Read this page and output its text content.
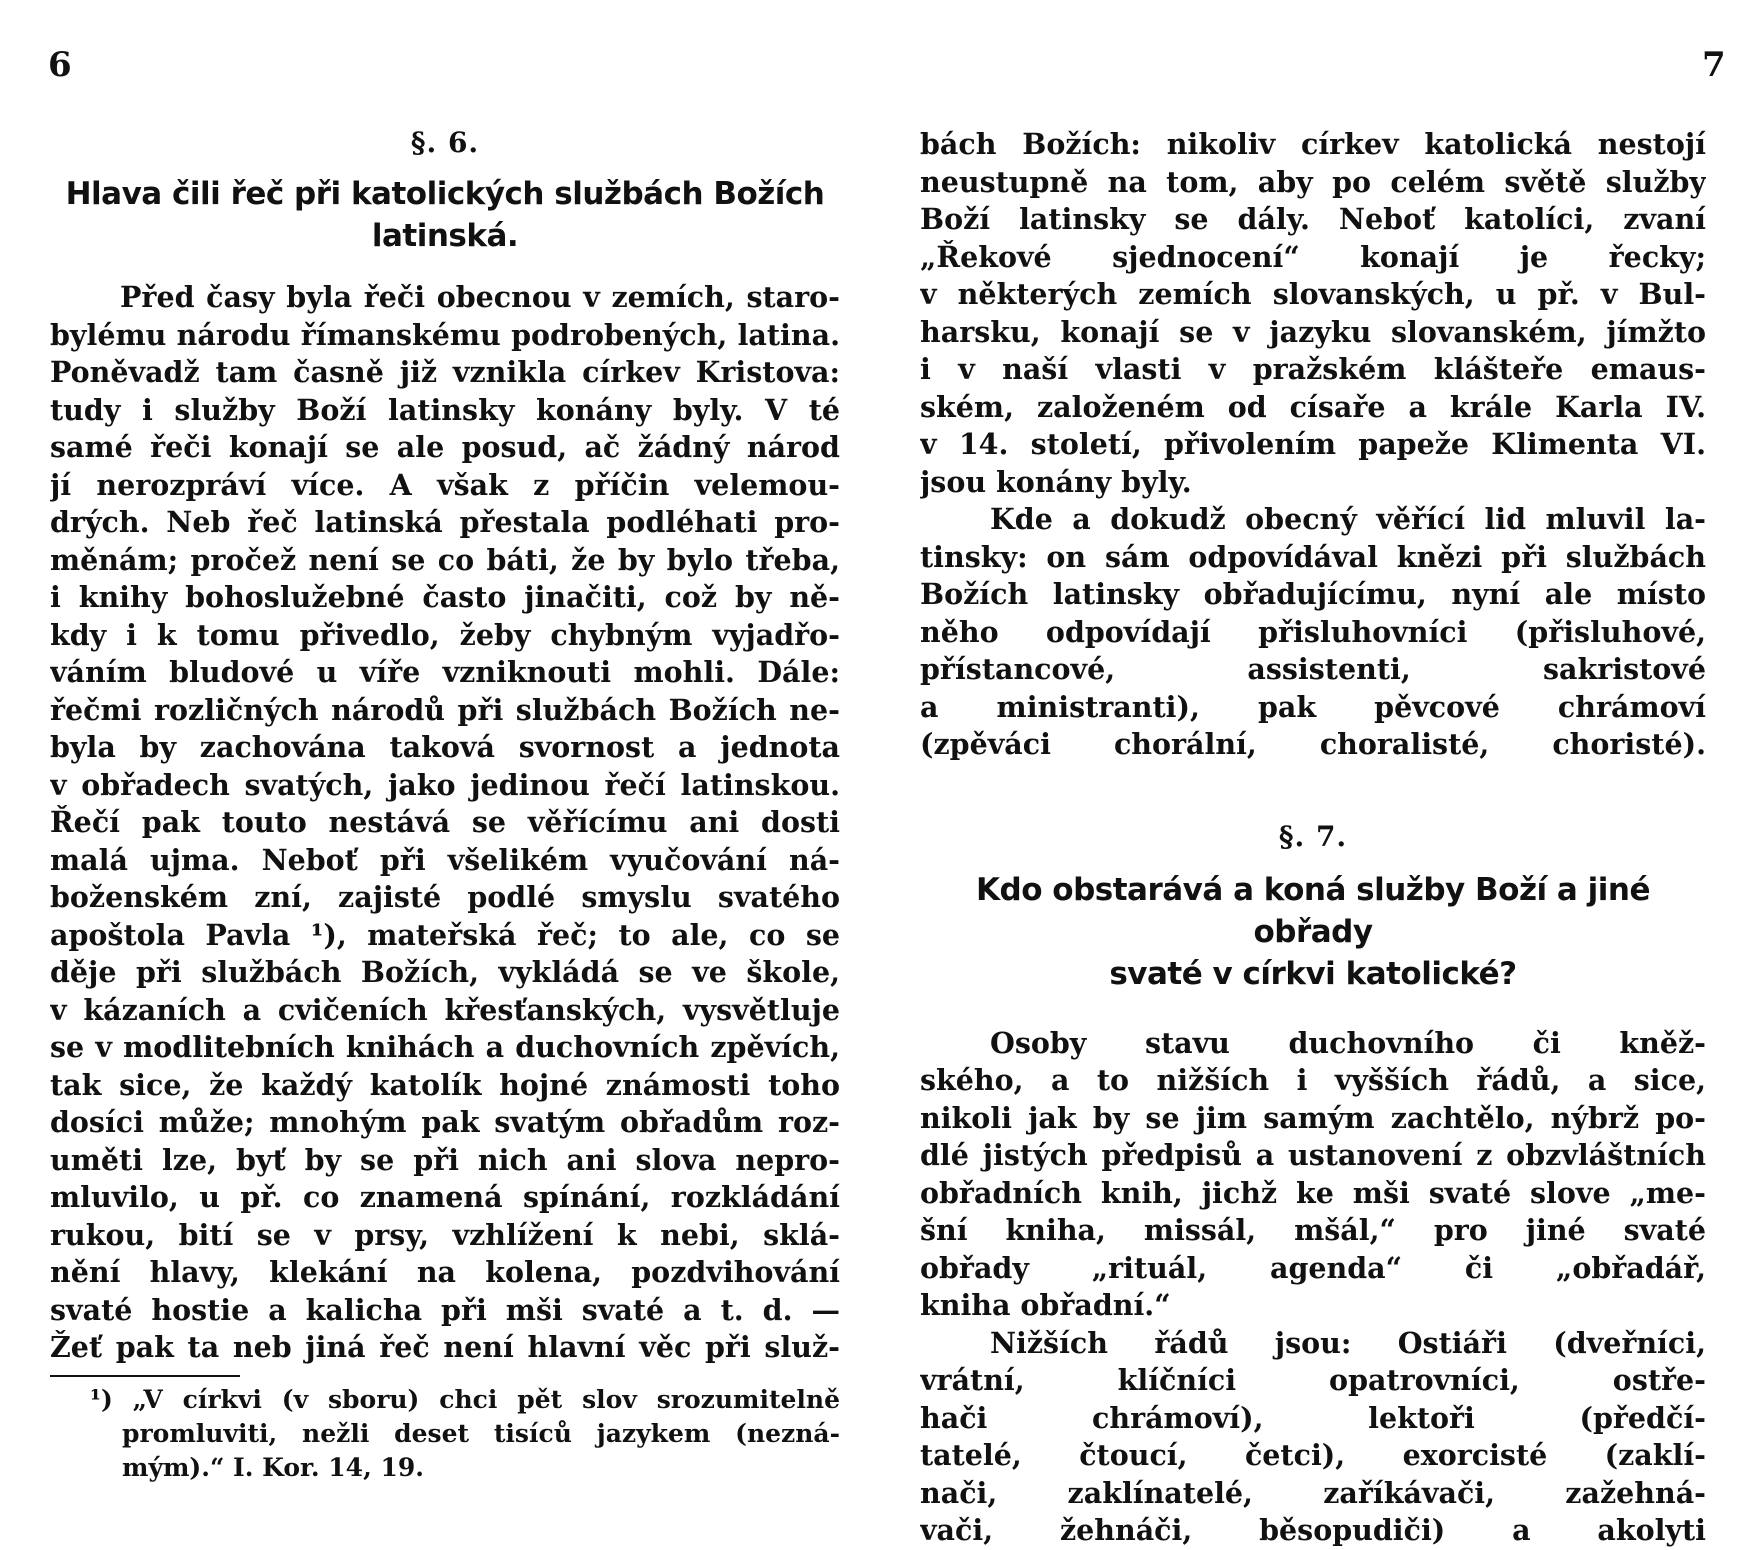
6	7
§. 6.
Hlava čili řeč při katolických službách Božích
latinská.
Před časy byla řeči obecnou v zemích, staro-
bylému národu římanskému podrobených, latina.
Poněvadž tam časně již vznikla církev Kristova:
tudy i služby Boží latinsky konány byly. V té
samé řeči konají se ale posud, ač žádný národ
jí nerozpráví více. A však z příčin velemou-
drých. Neb řeč latinská přestala podléhati pro-
měnám; pročež není se co báti, že by bylo třeba,
i knihy bohoslužebné často jinačiti, což by ně-
kdy i k tomu přivedlo, žeby chybným vyjadřo-
váním bludové u víře vzniknouti mohli. Dále:
řečmi rozličných národů při službách Božích ne-
byla by zachována taková svornost a jednota
v obřadech svatých, jako jedinou řečí latinskou.
Řečí pak touto nestává se věřícímu ani dosti
malá ujma. Neboť při všelikém vyučování ná-
boženském zní, zajisté podlé smyslu svatého
apoštola Pavla ¹), mateřská řeč; to ale, co se
děje při službách Božích, vykládá se ve škole,
v kázaních a cvičeních křesťanských, vysvětluje
se v modlitebních knihách a duchovních zpěvích,
tak sice, že každý katolík hojné známosti toho
dosíci může; mnohým pak svatým obřadům roz-
uměti lze, byť by se při nich ani slova nepro-
mluvilo, u př. co znamená spínání, rozkládání
rukou, bití se v prsy, vzhlížení k nebi, sklá-
nění hlavy, klekání na kolena, pozdvihování
svaté hostie a kalicha při mši svaté a t. d. —
Žeť pak ta neb jiná řeč není hlavní věc při služ-
¹) „V církvi (v sboru) chci pět slov srozumitelně
promluviti, nežli deset tisíců jazykem (nezná-
mým).“ I. Kor. 14, 19.
bách Božích: nikoliv církev katolická nestojí
neustupně na tom, aby po celém světě služby
Boží latinsky se dály. Neboť katolíci, zvaní
„Řekové sjednocení“ konají je řecky;
v některých zemích slovanských, u př. v Bul-
harsku, konají se v jazyku slovanském, jímžto
i v naší vlasti v pražském klášteře emaus-
ském, založeném od císaře a krále Karla IV.
v 14. století, přivolením papeže Klimenta VI.
jsou konány byly.
Kde a dokudž obecný věřící lid mluvil la-
tinsky: on sám odpovídával knězi při službách
Božích latinsky obřadujícímu, nyní ale místo
něho odpovídají přisluhovníci (přisluhové,
přístancové, assistenti, sakristové
a ministranti), pak pěvcové chrámoví
(zpěváci chorální, choralisté, choristé).
§. 7.
Kdo obstarává a koná služby Boží a jiné obřady
svaté v církvi katolické?
Osoby stavu duchovního či kněž-
ského, a to nižších i vyšších řádů, a sice,
nikoli jak by se jim samým zachtělo, nýbrž po-
dlé jistých předpisů a ustanovení z obzvláštních
obřadních knih, jichž ke mši svaté slove „me-
šní kniha, missál, mšál,“ pro jiné svaté
obřady „rituál, agenda“ či „obřadář,
kniha obřadní.“
Nižších řádů jsou: Ostiáři (dveřníci,
vrátní, klíčníci opatrovníci, ostře-
hači chrámoví), lektoři (předčí-
tatelé, čtoucí, četci), exorcisté (zaklí-
nači, zaklínatelé, zaříkávači, zažehná-
vači, žehnáči, běsopudiči) a akolyti
